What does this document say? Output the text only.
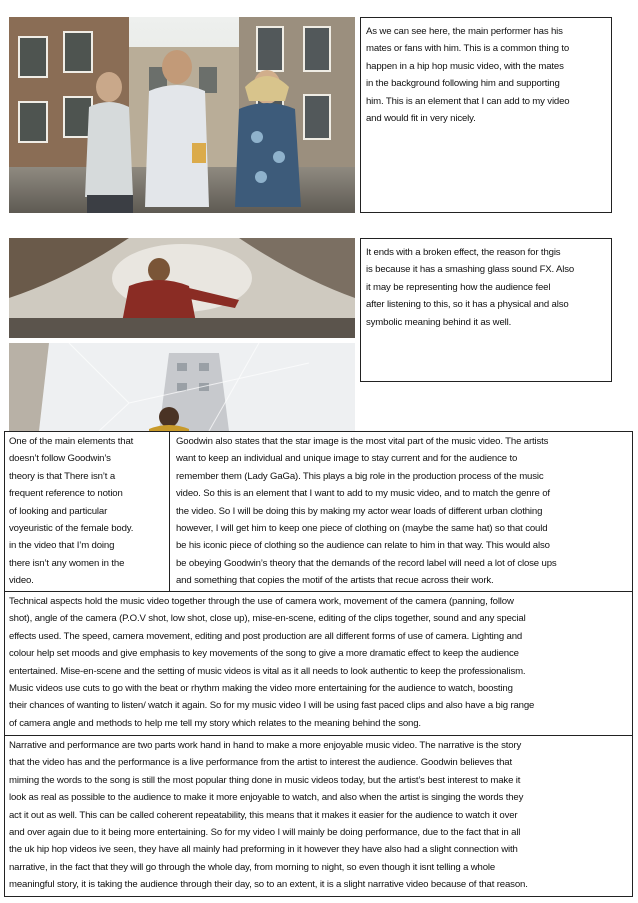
As we can see here, the main performer has his
mates or fans with him. This is a common thing to
happen in a hip hop music video, with the mates
in the background following him and supporting
him. This is an element that I can add to my video
and would fit in very nicely.
It ends with a broken effect, the reason for thgis
is because it has a smashing glass sound FX. Also
it may be representing how the audience feel
after listening to this, so it has a physical and also
symbolic meaning behind it as well.
One of the main elements that
doesn’t follow Goodwin’s
theory is that There isn’t a
frequent reference to notion
of looking and particular
voyeuristic of the female body.
in the video that I’m doing
there isn’t any women in the
video.
Goodwin also states that the star image is the most vital part of the music video. The artists
want to keep an individual and unique image to stay current and for the audience to
remember them (Lady GaGa). This plays a big role in the production process of the music
video. So this is an element that I want to add to my music video, and to match the genre of
the video. So I will be doing this by making my actor wear loads of different urban clothing
however, I will get him to keep one piece of clothing on (maybe the same hat) so that could
be his iconic piece of clothing so the audience can relate to him in that way. This would also
be obeying Goodwin’s theory that the demands of the record label will need a lot of close ups
and something that copies the motif of the artists that recue across their work.
Technical aspects hold the music video together through the use of camera work, movement of the camera (panning, follow
shot), angle of the camera (P.O.V shot, low shot, close up), mise-en-scene, editing of the clips together, sound and any special
effects used. The speed, camera movement, editing and post production are all different forms of use of camera. Lighting and
colour help set moods and give emphasis to key movements of the song to give a more dramatic effect to keep the audience
entertained. Mise-en-scene and the setting of music videos is vital as it all needs to look authentic to keep the professionalism.
Music videos use cuts to go with the beat or rhythm making the video more entertaining for the audience to watch, boosting
their chances of wanting to listen/ watch it again. So for my music video I will be using fast paced clips and also have a big range
of camera angle and methods to help me tell my story which relates to the meaning behind the song.
Narrative and performance are two parts work hand in hand to make a more enjoyable music video. The narrative is the story
that the video has and the performance is a live performance from the artist to interest the audience. Goodwin believes that
miming the words to the song is still the most popular thing done in music videos today, but the artist’s best interest to make it
look as real as possible to the audience to make it more enjoyable to watch, and also when the artist is singing the words they
act it out as well. This can be called coherent repeatability, this means that it makes it easier for the audience to watch it over
and over again due to it being more entertaining. So for my video I will mainly be doing performance, due to the fact that in all
the uk hip hop videos ive seen, they have all mainly had preforming in it however they have also had a slight connection with
narrative, in the fact that they will go through the whole day, from morning to night, so even though it isnt telling a whole
meaningful story, it is taking the audience through their day, so to an extent, it is a slight narrative video because of that reason.
